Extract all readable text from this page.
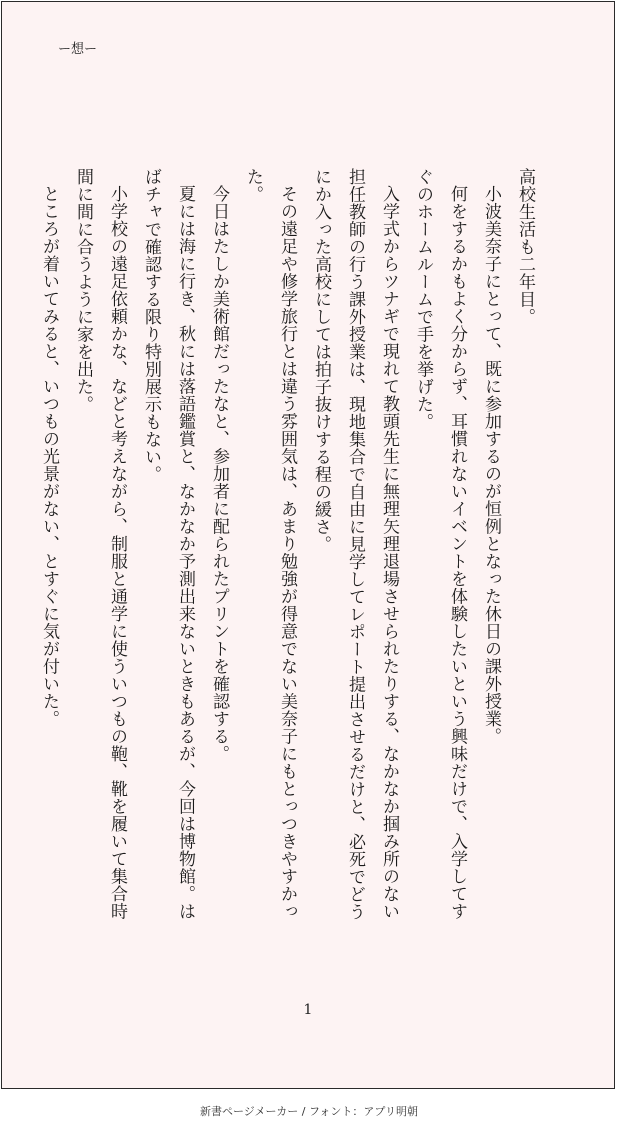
ー想ー

高校生活も二年目。

小波美奈子にとって、既に参加するのが恒例となった休日の課外授業。

何をするかもよく分からず、耳慣れないイベントを体験したいという興味だけで、入学してすぐのホームルームで手を挙げた。

入学式からツナギで現れて教頭先生に無理矢理退場させられたりする、なかなか掴み所のない担任教師の行う課外授業は、現地集合で自由に見学してレポート提出させるだけと、必死でどうにか入った高校にしては拍子抜けする程の緩さ。

その遠足や修学旅行とは違う雰囲気は、あまり勉強が得意でない美奈子にもとっつきやすかった。

今日はたしか美術館だったなと、参加者に配られたプリントを確認する。

夏には海に行き、秋には落語鑑賞と、なかなか予測出来ないときもあるが、今回は博物館。はばチャで確認する限り特別展示もない。

小学校の遠足依頼かな、などと考えながら、制服と通学に使ういつもの鞄、靴を履いて集合時間に間に合うように家を出た。

ところが着いてみると、いつもの光景がない、とすぐに気が付いた。

1
新書ページメーカー / フォント：アプリ明朝
